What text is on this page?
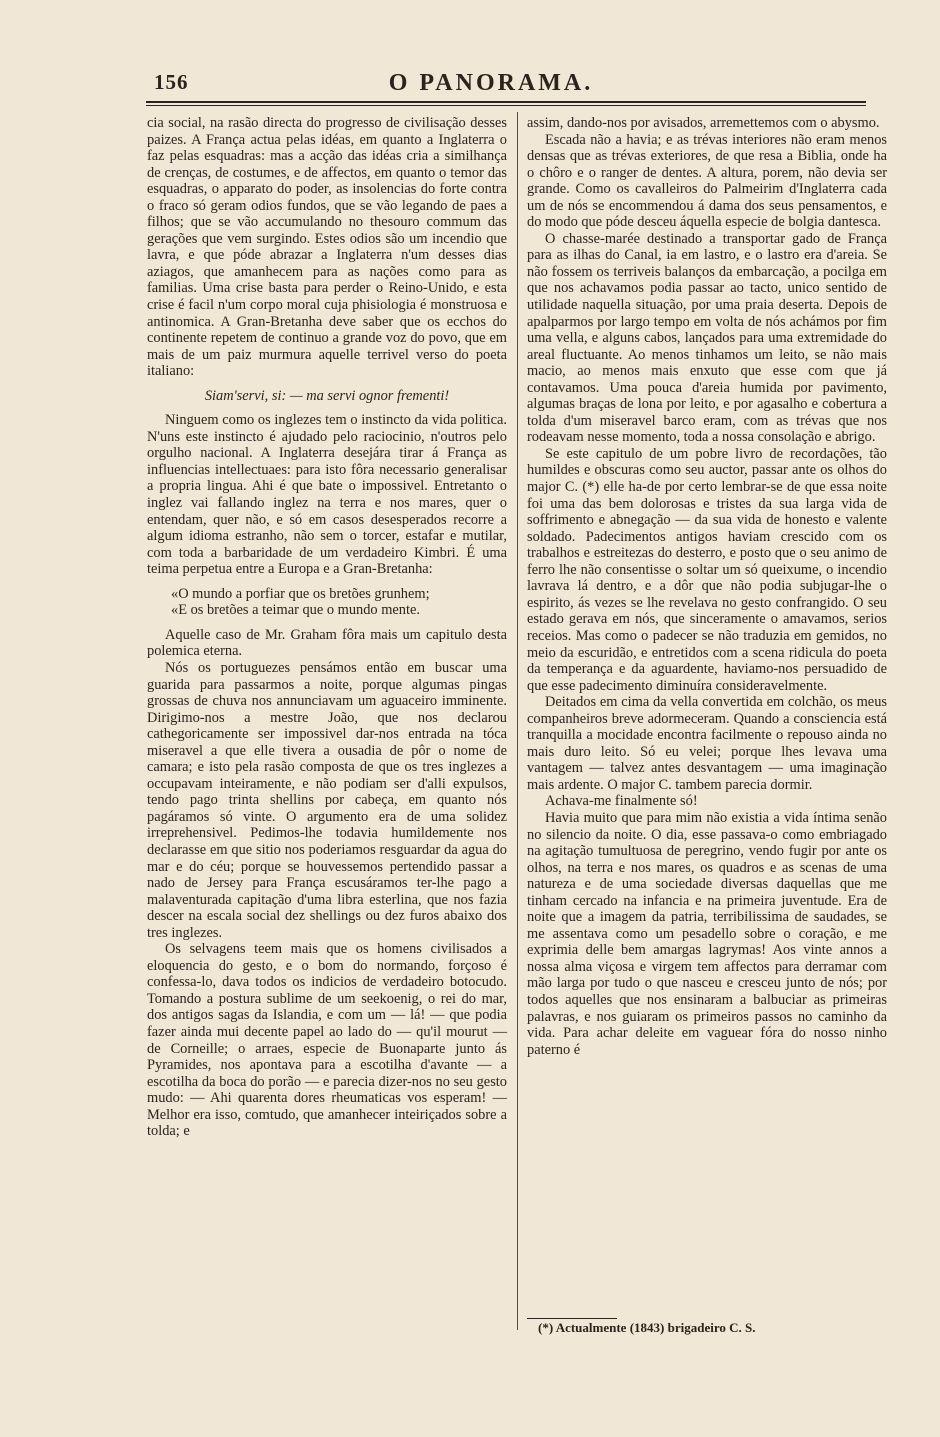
156	O PANORAMA.

cia social, na rasão directa do progresso de civilisação desses paizes. A França actua pelas idéas, em quanto a Inglaterra o faz pelas esquadras: mas a acção das idéas cria a similhança de crenças, de costumes, e de affectos, em quanto o temor das esquadras, o apparato do poder, as insolencias do forte contra o fraco só geram odios fundos, que se vão legando de paes a filhos; que se vão accumulando no thesouro commum das gerações que vem surgindo. Estes odios são um incendio que lavra, e que póde abrazar a Inglaterra n'um desses dias aziagos, que amanhecem para as nações como para as familias. Uma crise basta para perder o Reino-Unido, e esta crise é facil n'um corpo moral cuja phisiologia é monstruosa e antinomica. A Gran-Bretanha deve saber que os ecchos do continente repetem de continuo a grande voz do povo, que em mais de um paiz murmura aquelle terrivel verso do poeta italiano:

Siam'servi, si: — ma servi ognor frementi!

Ninguem como os inglezes tem o instincto da vida politica. N'uns este instincto é ajudado pelo raciocinio, n'outros pelo orgulho nacional. A Inglaterra desejára tirar á França as influencias intellectuaes: para isto fôra necessario generalisar a propria lingua. Ahi é que bate o impossivel. Entretanto o inglez vai fallando inglez na terra e nos mares, quer o entendam, quer não, e só em casos desesperados recorre a algum idioma estranho, não sem o torcer, estafar e mutilar, com toda a barbaridade de um verdadeiro Kimbri. É uma teima perpetua entre a Europa e a Gran-Bretanha:

«O mundo a porfiar que os bretões grunhem;
«E os bretões a teimar que o mundo mente.

Aquelle caso de Mr. Graham fôra mais um capitulo desta polemica eterna.

Nós os portuguezes pensámos então em buscar uma guarida para passarmos a noite, porque algumas pingas grossas de chuva nos annunciavam um aguaceiro imminente. Dirigimo-nos a mestre João, que nos declarou cathegoricamente ser impossivel dar-nos entrada na tóca miseravel a que elle tivera a ousadia de pôr o nome de camara; e isto pela rasão composta de que os tres inglezes a occupavam inteiramente, e não podiam ser d'alli expulsos, tendo pago trinta shellins por cabeça, em quanto nós pagáramos só vinte. O argumento era de uma solidez irreprehensivel. Pedimos-lhe todavia humildemente nos declarasse em que sitio nos poderiamos resguardar da agua do mar e do céu; porque se houvessemos pertendido passar a nado de Jersey para França escusáramos ter-lhe pago a malaventurada capitação d'uma libra esterlina, que nos fazia descer na escala social dez shellings ou dez furos abaixo dos tres inglezes.

Os selvagens teem mais que os homens civilisados a eloquencia do gesto, e o bom do normando, forçoso é confessa-lo, dava todos os indicios de verdadeiro botocudo. Tomando a postura sublime de um seekoenig, o rei do mar, dos antigos sagas da Islandia, e com um — lá! — que podia fazer ainda mui decente papel ao lado do — qu'il mourut — de Corneille; o arraes, especie de Buonaparte junto ás Pyramides, nos apontava para a escotilha d'avante — a escotilha da boca do porão — e parecia dizer-nos no seu gesto mudo: — Ahi quarenta dores rheumaticas vos esperam! — Melhor era isso, comtudo, que amanhecer inteiriçados sobre a tolda; e

assim, dando-nos por avisados, arremettemos com o abysmo.

Escada não a havia; e as trévas interiores não eram menos densas que as trévas exteriores, de que resa a Biblia, onde ha o chôro e o ranger de dentes. A altura, porem, não devia ser grande. Como os cavalleiros do Palmeirim d'Inglaterra cada um de nós se encommendou á dama dos seus pensamentos, e do modo que póde desceu áquella especie de bolgia dantesca.

O chasse-marée destinado a transportar gado de França para as ilhas do Canal, ia em lastro, e o lastro era d'areia. Se não fossem os terriveis balanços da embarcação, a pocilga em que nos achavamos podia passar ao tacto, unico sentido de utilidade naquella situação, por uma praia deserta. Depois de apalparmos por largo tempo em volta de nós achámos por fim uma vella, e alguns cabos, lançados para uma extremidade do areal fluctuante. Ao menos tinhamos um leito, se não mais macio, ao menos mais enxuto que esse com que já contavamos. Uma pouca d'areia humida por pavimento, algumas braças de lona por leito, e por agasalho e cobertura a tolda d'um miseravel barco eram, com as trévas que nos rodeavam nesse momento, toda a nossa consolação e abrigo.

Se este capitulo de um pobre livro de recordações, tão humildes e obscuras como seu auctor, passar ante os olhos do major C. (*) elle ha-de por certo lembrar-se de que essa noite foi uma das bem dolorosas e tristes da sua larga vida de soffrimento e abnegação — da sua vida de honesto e valente soldado. Padecimentos antigos haviam crescido com os trabalhos e estreitezas do desterro, e posto que o seu animo de ferro lhe não consentisse o soltar um só queixume, o incendio lavrava lá dentro, e a dôr que não podia subjugar-lhe o espirito, ás vezes se lhe revelava no gesto confrangido. O seu estado gerava em nós, que sinceramente o amavamos, serios receios. Mas como o padecer se não traduzia em gemidos, no meio da escuridão, e entretidos com a scena ridicula do poeta da temperança e da aguardente, haviamo-nos persuadido de que esse padecimento diminuíra consideravelmente.

Deitados em cima da vella convertida em colchão, os meus companheiros breve adormeceram. Quando a consciencia está tranquilla a mocidade encontra facilmente o repouso ainda no mais duro leito. Só eu velei; porque lhes levava uma vantagem — talvez antes desvantagem — uma imaginação mais ardente. O major C. tambem parecia dormir.

Achava-me finalmente só!

Havia muito que para mim não existia a vida íntima senão no silencio da noite. O dia, esse passava-o como embriagado na agitação tumultuosa de peregrino, vendo fugir por ante os olhos, na terra e nos mares, os quadros e as scenas de uma natureza e de uma sociedade diversas daquellas que me tinham cercado na infancia e na primeira juventude. Era de noite que a imagem da patria, terribilissima de saudades, se me assentava como um pesadello sobre o coração, e me exprimia delle bem amargas lagrymas! Aos vinte annos a nossa alma viçosa e virgem tem affectos para derramar com mão larga por tudo o que nasceu e cresceu junto de nós; por todos aquelles que nos ensinaram a balbuciar as primeiras palavras, e nos guiaram os primeiros passos no caminho da vida. Para achar deleite em vaguear fóra do nosso ninho paterno é

(*) Actualmente (1843) brigadeiro C. S.
